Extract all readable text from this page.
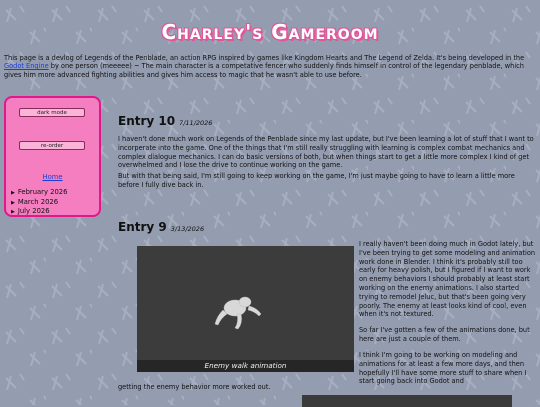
Charley's Gameroom
This page is a devlog of Legends of the Penblade, an action RPG inspired by games like Kingdom Hearts and The Legend of Zelda. It's being developed in the Godot Engine by one person (meeeee) ~ The main character is a competative fencer who suddenly finds himself in control of the legendary penblade, which gives him more advanced fighting abilities and gives him access to magic that he wasn't able to use before.
dark mode
re-order
Home
▶ February 2026
▶ March 2026
▶ July 2026
Entry 10 7/11/2026

I haven't done much work on Legends of the Penblade since my last update, but I've been learning a lot of stuff that I want to incorperate into the game. One of the things that I'm still really struggling with learning is complex combat mechanics and complex dialogue mechanics. I can do basic versions of both, but when things start to get a little more complex I kind of get overwhelmed and I lose the drive to continue working on the game.

But with that being said, I'm still going to keep working on the game, I'm just maybe going to have to learn a little more before I fully dive back in.

Entry 9 3/13/2026
Enemy walk animation

I really haven't been doing much in Godot lately, but I've been trying to get some modeling and animation work done in Blender. I think it's probably still too early for heavy polish, but I figured if I want to work on enemy behaviors I should probably at least start working on the enemy animations. I also started trying to remodel Jeluc, but that's been going very poorly. The enemy at least looks kind of cool, even when it's not textured.

So far I've gotten a few of the animations done, but here are just a couple of them.

I think I'm going to be working on modeling and animations for at least a few more days, and then hopefully I'll have some more stuff to share when I start going back into Godot and

getting the enemy behavior more worked out.
